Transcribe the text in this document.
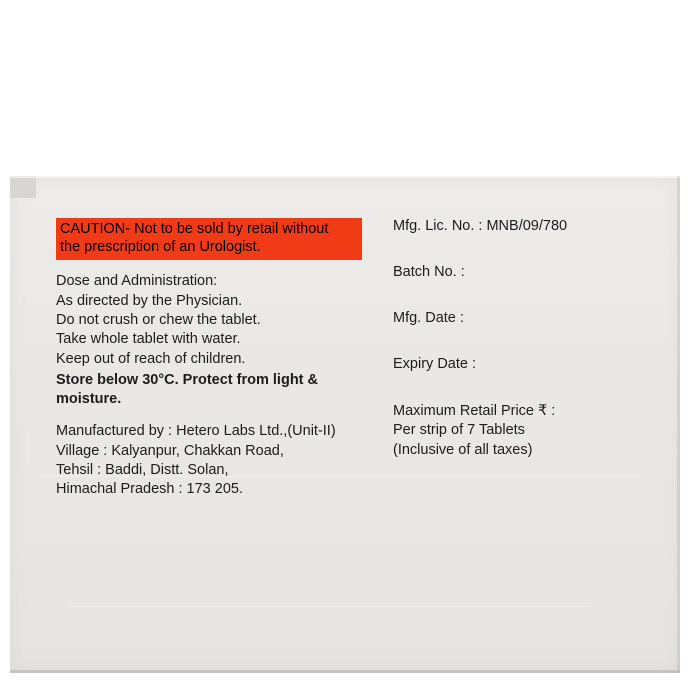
CAUTION- Not to be sold by retail without
the prescription of an Urologist.
Dose and Administration:
As directed by the Physician.
Do not crush or chew the tablet.
Take whole tablet with water.
Keep out of reach of children.
Store below 30°C. Protect from light &
moisture.
Manufactured by : Hetero Labs Ltd.,(Unit-II)
Village : Kalyanpur, Chakkan Road,
Tehsil : Baddi, Distt. Solan,
Himachal Pradesh : 173 205.
Mfg. Lic. No. : MNB/09/780
Batch No. :
Mfg. Date :
Expiry Date :
Maximum Retail Price ₹ :
Per strip of 7 Tablets
(Inclusive of all taxes)
